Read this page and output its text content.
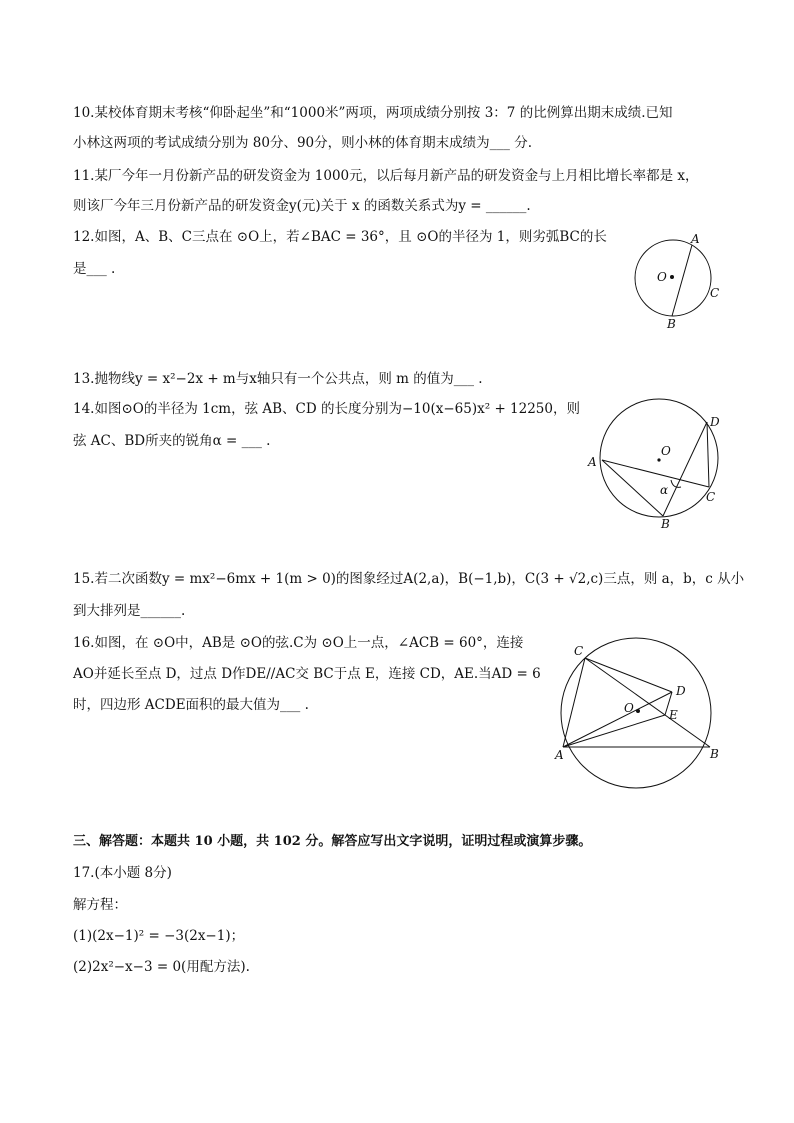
10.某校体育期末考核“仰卧起坐”和“1000米”两项，两项成绩分别按 3：7 的比例算出期末成绩.已知
小林这两项的考试成绩分别为 80分、90分，则小林的体育期末成绩为___ 分.
11.某厂今年一月份新产品的研发资金为 1000元，以后每月新产品的研发资金与上月相比增长率都是 x，
则该厂今年三月份新产品的研发资金y(元)关于 x 的函数关系式为y = ______.
12.如图，A、B、C三点在 ⊙O上，若∠BAC = 36°，且 ⊙O的半径为 1，则劣弧BC的长
是___ .
A
O
C
B
13.抛物线y = x²−2x + m与x轴只有一个公共点，则 m 的值为___ .
14.如图⊙O的半径为 1cm，弦 AB、CD 的长度分别为−10(x−65)x² + 12250，则
弦 AC、BD所夹的锐角α = ___ .
O
A
D
C
B
α
15.若二次函数y = mx²−6mx + 1(m > 0)的图象经过A(2,a)，B(−1,b)，C(3 + √2,c)三点，则 a，b，c 从小
到大排列是______.
16.如图，在 ⊙O中，AB是 ⊙O的弦.C为 ⊙O上一点，∠ACB = 60°，连接
AO并延长至点 D，过点 D作DE//AC交 BC于点 E，连接 CD，AE.当AD = 6
时，四边形 ACDE面积的最大值为___ .
C
D
O	E
A	B
三、解答题：本题共 10 小题，共 102 分。解答应写出文字说明，证明过程或演算步骤。
17.(本小题 8分)
解方程：
(1)(2x−1)² = −3(2x−1)；
(2)2x²−x−3 = 0(用配方法).
